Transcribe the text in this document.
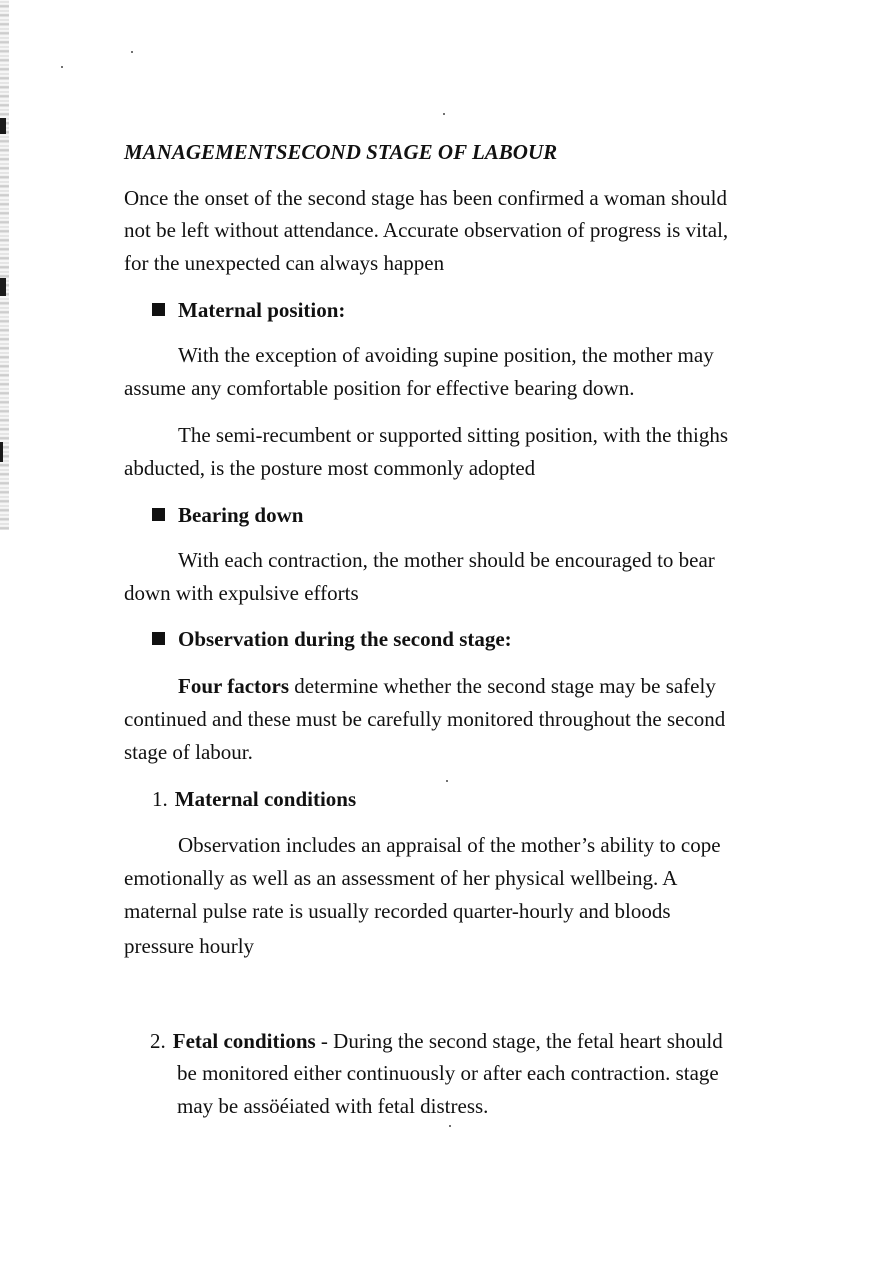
MANAGEMENTSECOND STAGE OF LABOUR
Once the onset of the second stage has been confirmed a woman should
not be left without attendance. Accurate observation of progress is vital,
for the unexpected can always happen
Maternal position:
With the exception of avoiding supine position, the mother may
assume any comfortable position for effective bearing down.
The semi-recumbent or supported sitting position, with the thighs
abducted, is the posture most commonly adopted
Bearing down
With each contraction, the mother should be encouraged to bear
down with expulsive efforts
Observation during the second stage:
Four factors determine whether the second stage may be safely
continued and these must be carefully monitored throughout the second
stage of labour.
1. Maternal conditions
Observation includes an appraisal of the mother’s ability to cope
emotionally as well as an assessment of her physical wellbeing. A
maternal pulse rate is usually recorded quarter-hourly and bloods
pressure hourly
2. Fetal conditions - During the second stage, the fetal heart should
be monitored either continuously or after each contraction. stage
may be assöéiated with fetal distress.
